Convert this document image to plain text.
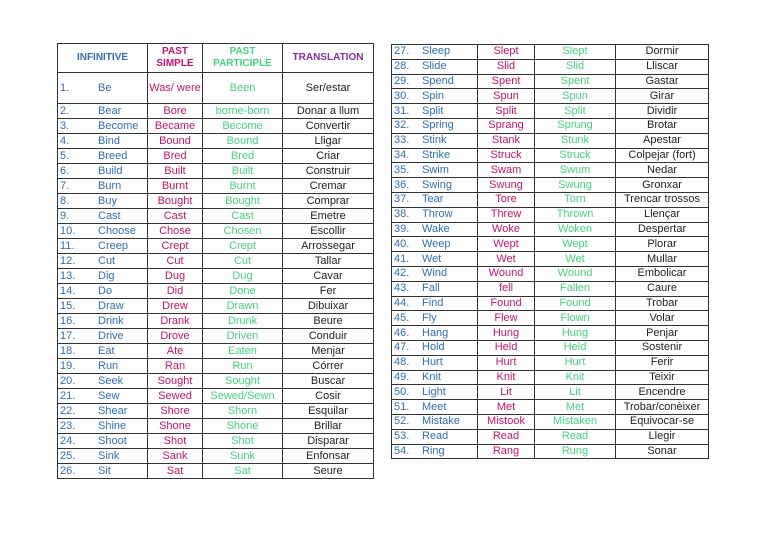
INFINITIVE	PAST SIMPLE	PAST PARTICIPLE	TRANSLATION
1. Be	Was/ were	Been	Ser/estar
2. Bear	Bore	borne-born	Donar a llum
3. Become	Became	Become	Convertir
4. Bind	Bound	Bound	Lligar
5. Breed	Bred	Bred	Criar
6. Build	Built	Built	Construir
7. Burn	Burnt	Burnt	Cremar
8. Buy	Bought	Bought	Comprar
9. Cast	Cast	Cast	Emetre
10. Choose	Chose	Chosen	Escollir
11. Creep	Crept	Crept	Arrossegar
12. Cut	Cut	Cut	Tallar
13. Dig	Dug	Dug	Cavar
14. Do	Did	Done	Fer
15. Draw	Drew	Drawn	Dibuixar
16. Drink	Drank	Drunk	Beure
17. Drive	Drove	Driven	Conduir
18. Eat	Ate	Eaten	Menjar
19. Run	Ran	Run	Córrer
20. Seek	Sought	Sought	Buscar
21. Sew	Sewed	Sewed/Sewn	Cosir
22. Shear	Shore	Shorn	Esquilar
23. Shine	Shone	Shone	Brillar
24. Shoot	Shot	Shot	Disparar
25. Sink	Sank	Sunk	Enfonsar
26. Sit	Sat	Sat	Seure
27. Sleep	Slept	Slept	Dormir
28. Slide	Slid	Slid	Lliscar
29. Spend	Spent	Spent	Gastar
30. Spin	Spun	Spun	Girar
31. Split	Split	Split	Dividir
32. Spring	Sprang	Sprung	Brotar
33. Stink	Stank	Stunk	Apestar
34. Strike	Struck	Struck	Colpejar (fort)
35. Swim	Swam	Swum	Nedar
36. Swing	Swung	Swung	Gronxar
37. Tear	Tore	Torn	Trencar trossos
38. Throw	Threw	Thrown	Llençar
39. Wake	Woke	Woken	Despertar
40. Weep	Wept	Wept	Plorar
41. Wet	Wet	Wet	Mullar
42. Wind	Wound	Wound	Embolicar
43. Fall	fell	Fallen	Caure
44. Find	Found	Found	Trobar
45. Fly	Flew	Flown	Volar
46. Hang	Hung	Hung	Penjar
47. Hold	Held	Held	Sostenir
48. Hurt	Hurt	Hurt	Ferir
49. Knit	Knit	Knit	Teixir
50. Light	Lit	Lit	Encendre
51. Meet	Met	Met	Trobar/conèixer
52. Mistake	Mistook	Mistaken	Equivocar-se
53. Read	Read	Read	Llegir
54. Ring	Rang	Rung	Sonar
